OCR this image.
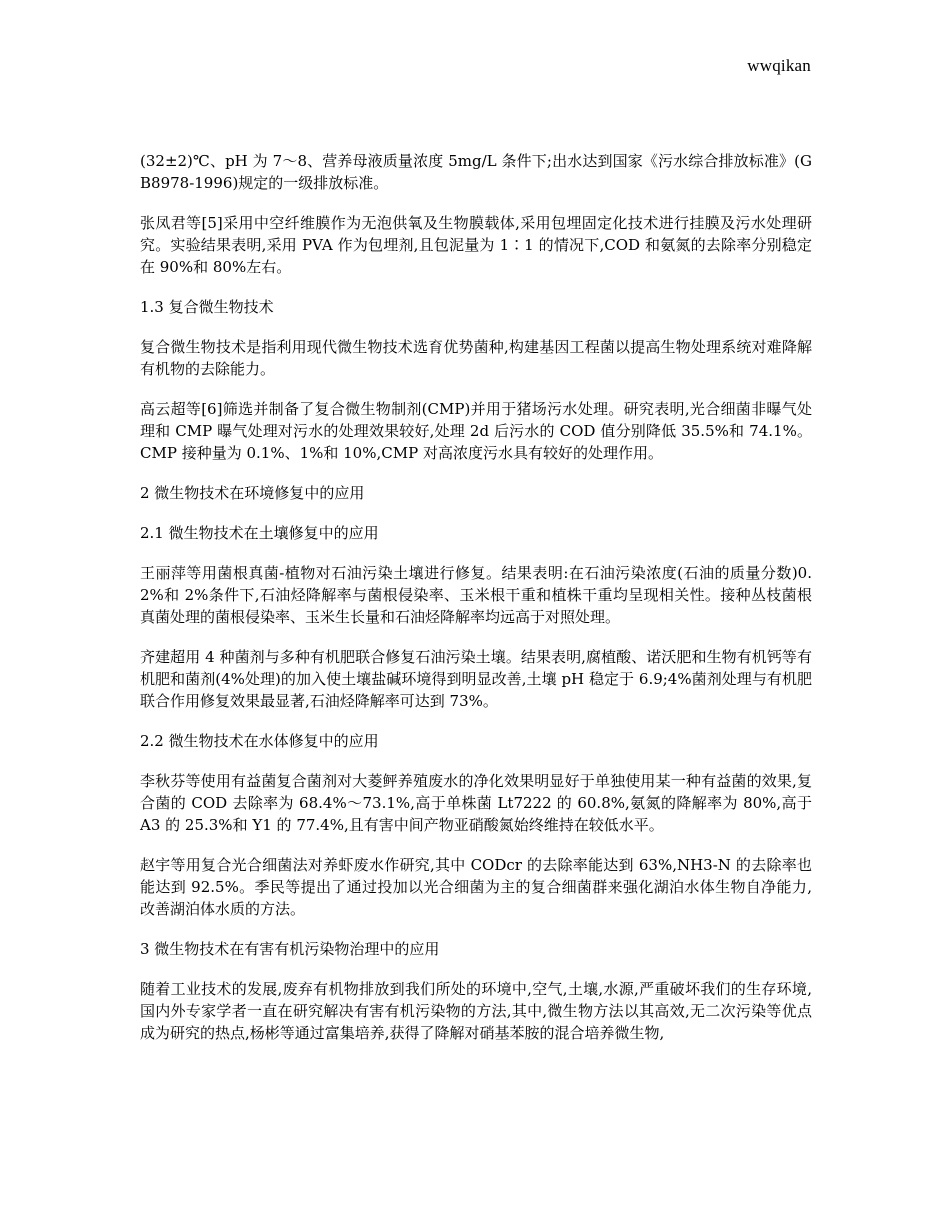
wwqikan

(32±2)℃、pH 为 7～8、营养母液质量浓度 5mg/L 条件下;出水达到国家《污水综合排放标准》(GB8978-1996)规定的一级排放标准。

张凤君等[5]采用中空纤维膜作为无泡供氧及生物膜载体,采用包埋固定化技术进行挂膜及污水处理研究。实验结果表明,采用 PVA 作为包埋剂,且包泥量为 1∶1 的情况下,COD 和氨氮的去除率分别稳定在 90%和 80%左右。

1.3 复合微生物技术

复合微生物技术是指利用现代微生物技术选育优势菌种,构建基因工程菌以提高生物处理系统对难降解有机物的去除能力。

高云超等[6]筛选并制备了复合微生物制剂(CMP)并用于猪场污水处理。研究表明,光合细菌非曝气处理和 CMP 曝气处理对污水的处理效果较好,处理 2d 后污水的 COD 值分别降低 35.5%和 74.1%。CMP 接种量为 0.1%、1%和 10%,CMP 对高浓度污水具有较好的处理作用。

2 微生物技术在环境修复中的应用

2.1 微生物技术在土壤修复中的应用

王丽萍等用菌根真菌-植物对石油污染土壤进行修复。结果表明:在石油污染浓度(石油的质量分数)0.2%和 2%条件下,石油烃降解率与菌根侵染率、玉米根干重和植株干重均呈现相关性。接种丛枝菌根真菌处理的菌根侵染率、玉米生长量和石油烃降解率均远高于对照处理。

齐建超用 4 种菌剂与多种有机肥联合修复石油污染土壤。结果表明,腐植酸、诺沃肥和生物有机钙等有机肥和菌剂(4%处理)的加入使土壤盐碱环境得到明显改善,土壤 pH 稳定于 6.9;4%菌剂处理与有机肥联合作用修复效果最显著,石油烃降解率可达到 73%。

2.2 微生物技术在水体修复中的应用

李秋芬等使用有益菌复合菌剂对大菱鲆养殖废水的净化效果明显好于单独使用某一种有益菌的效果,复合菌的 COD 去除率为 68.4%～73.1%,高于单株菌 Lt7222 的 60.8%,氨氮的降解率为 80%,高于 A3 的 25.3%和 Y1 的 77.4%,且有害中间产物亚硝酸氮始终维持在较低水平。

赵宇等用复合光合细菌法对养虾废水作研究,其中 CODcr 的去除率能达到 63%,NH3-N 的去除率也能达到 92.5%。季民等提出了通过投加以光合细菌为主的复合细菌群来强化湖泊水体生物自净能力,改善湖泊体水质的方法。

3 微生物技术在有害有机污染物治理中的应用

随着工业技术的发展,废弃有机物排放到我们所处的环境中,空气,土壤,水源,严重破坏我们的生存环境,国内外专家学者一直在研究解决有害有机污染物的方法,其中,微生物方法以其高效,无二次污染等优点成为研究的热点,杨彬等通过富集培养,获得了降解对硝基苯胺的混合培养微生物,
